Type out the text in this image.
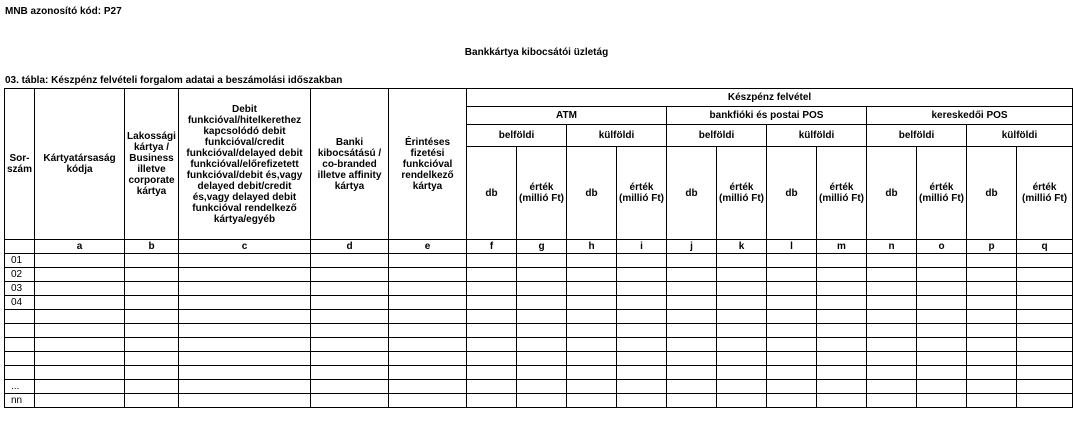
MNB azonosító kód: P27
Bankkártya kibocsátói üzletág
03. tábla: Készpénz felvételi forgalom adatai a beszámolási időszakban
Sor-szám	Kártyatársaság kódja	Lakossági kártya / Business illetve corporate kártya	Debit funkcióval/hitelkerethez kapcsolódó debit funkcióval/credit funkcióval/delayed debit funkcióval/előrefizetett funkcióval/debit és,vagy delayed debit/credit és,vagy delayed debit funkcióval rendelkező kártya/egyéb	Banki kibocsátású / co-branded illetve affinity kártya	Érintéses fizetési funkcióval rendelkező kártya	Készpénz felvétel											
						ATM				bankfióki és postai POS				kereskedői POS			
						belföldi		külföldi		belföldi		külföldi		belföldi		külföldi	
						db	érték (millió Ft)	db	érték (millió Ft)	db	érték (millió Ft)	db	érték (millió Ft)	db	érték (millió Ft)	db	érték (millió Ft)
	a	b	c	d	e	f	g	h	i	j	k	l	m	n	o	p	q
01																	
02																	
03																	
04																	

...																	
nn																	
